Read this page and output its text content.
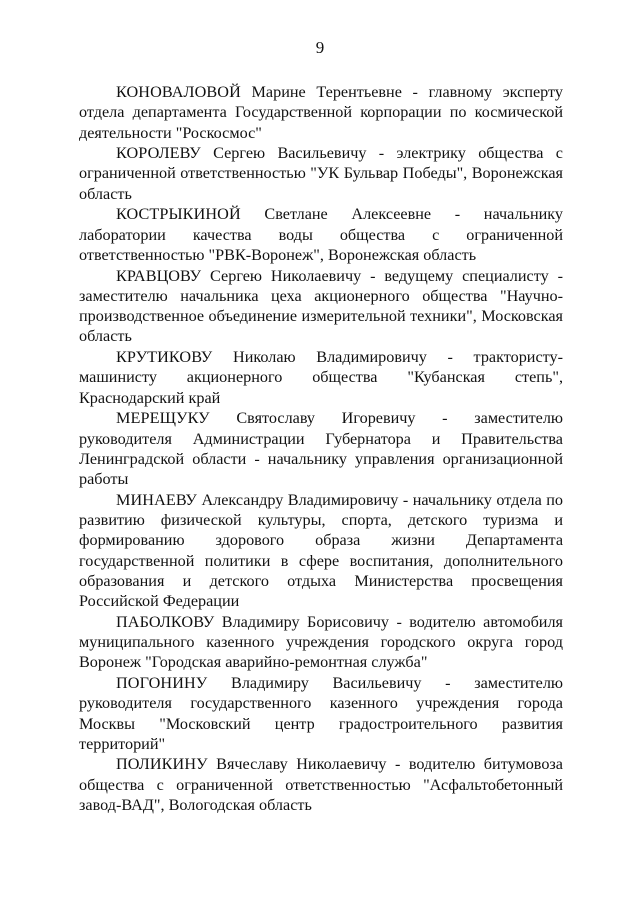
9

КОНОВАЛОВОЙ Марине Терентьевне - главному эксперту отдела департамента Государственной корпорации по космической деятельности "Роскосмос"

КОРОЛЕВУ Сергею Васильевичу - электрику общества с ограниченной ответственностью "УК Бульвар Победы", Воронежская область

КОСТРЫКИНОЙ Светлане Алексеевне - начальнику лаборатории качества воды общества с ограниченной ответственностью "РВК-Воронеж", Воронежская область

КРАВЦОВУ Сергею Николаевичу - ведущему специалисту - заместителю начальника цеха акционерного общества "Научно-производственное объединение измерительной техники", Московская область

КРУТИКОВУ Николаю Владимировичу - трактористу-машинисту акционерного общества "Кубанская степь", Краснодарский край

МЕРЕЩУКУ Святославу Игоревичу - заместителю руководителя Администрации Губернатора и Правительства Ленинградской области - начальнику управления организационной работы

МИНАЕВУ Александру Владимировичу - начальнику отдела по развитию физической культуры, спорта, детского туризма и формированию здорового образа жизни Департамента государственной политики в сфере воспитания, дополнительного образования и детского отдыха Министерства просвещения Российской Федерации

ПАБОЛКОВУ Владимиру Борисовичу - водителю автомобиля муниципального казенного учреждения городского округа город Воронеж "Городская аварийно-ремонтная служба"

ПОГОНИНУ Владимиру Васильевичу - заместителю руководителя государственного казенного учреждения города Москвы "Московский центр градостроительного развития территорий"

ПОЛИКИНУ Вячеславу Николаевичу - водителю битумовоза общества с ограниченной ответственностью "Асфальтобетонный завод-ВАД", Вологодская область
